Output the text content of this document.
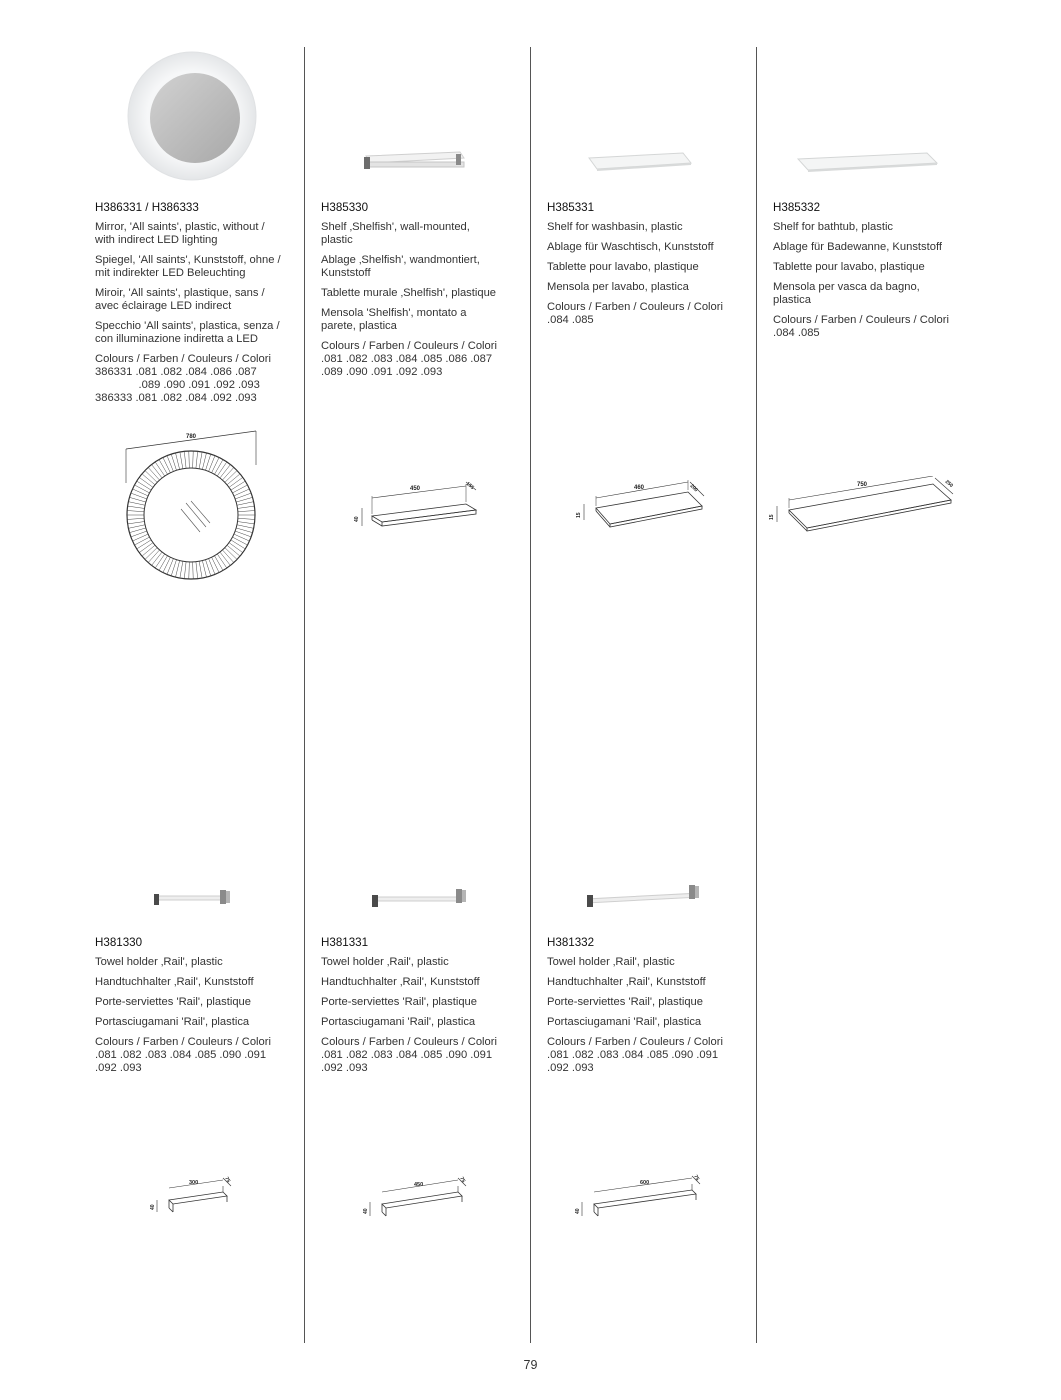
H386331 / H386333
Mirror, 'All saints', plastic, without /
with indirect LED lighting
Spiegel, 'All saints', Kunststoff, ohne /
mit indirekter LED Beleuchting
Miroir, 'All saints', plastique, sans /
avec éclairage LED indirect
Specchio 'All saints', plastica, senza /
con illuminazione indiretta a LED
Colours / Farben / Couleurs / Colori
386331 .081 .082 .084 .086 .087
.089 .090 .091 .092 .093
386333 .081 .082 .084 .092 .093
H385330
Shelf ‚Shelfish', wall-mounted,
plastic
Ablage ‚Shelfish', wandmontiert,
Kunststoff
Tablette murale ‚Shelfish', plastique
Mensola 'Shelfish', montato a
parete, plastica
Colours / Farben / Couleurs / Colori
.081 .082 .083 .084 .085 .086 .087
.089 .090 .091 .092 .093
H385331
Shelf for washbasin, plastic
Ablage für Waschtisch, Kunststoff
Tablette pour lavabo, plastique
Mensola per lavabo, plastica
Colours / Farben / Couleurs / Colori
.084 .085
H385332
Shelf for bathtub, plastic
Ablage für Badewanne, Kunststoff
Tablette pour lavabo, plastique
Mensola per vasca da bagno,
plastica
Colours / Farben / Couleurs / Colori
.084 .085
780
450	155
40
460	200
15
750	250
15
H381330
Towel holder ‚Rail', plastic
Handtuchhalter ‚Rail', Kunststoff
Porte-serviettes 'Rail', plastique
Portasciugamani 'Rail', plastica
Colours / Farben / Couleurs / Colori
.081 .082 .083 .084 .085 .090 .091
.092 .093
H381331
Towel holder ‚Rail', plastic
Handtuchhalter ‚Rail', Kunststoff
Porte-serviettes 'Rail', plastique
Portasciugamani 'Rail', plastica
Colours / Farben / Couleurs / Colori
.081 .082 .083 .084 .085 .090 .091
.092 .093
H381332
Towel holder ‚Rail', plastic
Handtuchhalter ‚Rail', Kunststoff
Porte-serviettes 'Rail', plastique
Portasciugamani 'Rail', plastica
Colours / Farben / Couleurs / Colori
.081 .082 .083 .084 .085 .090 .091
.092 .093
300	75
40
450
75
40
600
75
40
79
